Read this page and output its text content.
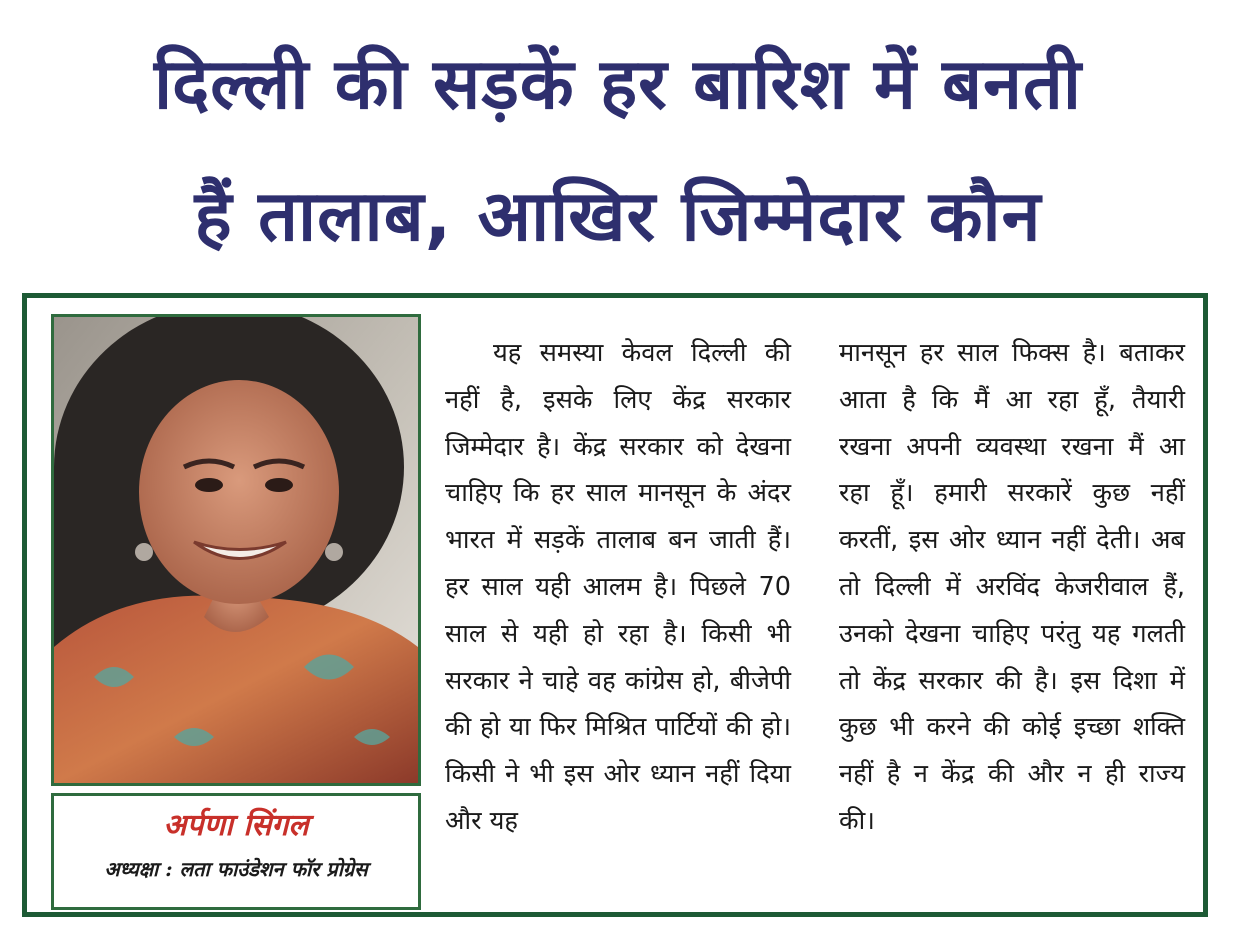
दिल्ली की सड़कें हर बारिश में बनती
हैं तालाब, आखिर जिम्मेदार कौन
अर्पणा सिंगल
अध्यक्षा : लता फाउंडेशन फॉर प्रोग्रेस
यह समस्या केवल दिल्ली की नहीं है, इसके लिए केंद्र सरकार जिम्मेदार है। केंद्र सरकार को देखना चाहिए कि हर साल मानसून के अंदर भारत में सड़कें तालाब बन जाती हैं। हर साल यही आलम है। पिछले 70 साल से यही हो रहा है। किसी भी सरकार ने चाहे वह कांग्रेस हो, बीजेपी की हो या फिर मिश्रित पार्टियों की हो। किसी ने भी इस ओर ध्यान नहीं दिया और यह
मानसून हर साल फिक्स है। बताकर आता है कि मैं आ रहा हूँ, तैयारी रखना अपनी व्यवस्था रखना मैं आ रहा हूँ। हमारी सरकारें कुछ नहीं करतीं, इस ओर ध्यान नहीं देती। अब तो दिल्ली में अरविंद केजरीवाल हैं, उनको देखना चाहिए परंतु यह गलती तो केंद्र सरकार की है। इस दिशा में कुछ भी करने की कोई इच्छा शक्ति नहीं है न केंद्र की और न ही राज्य की।
